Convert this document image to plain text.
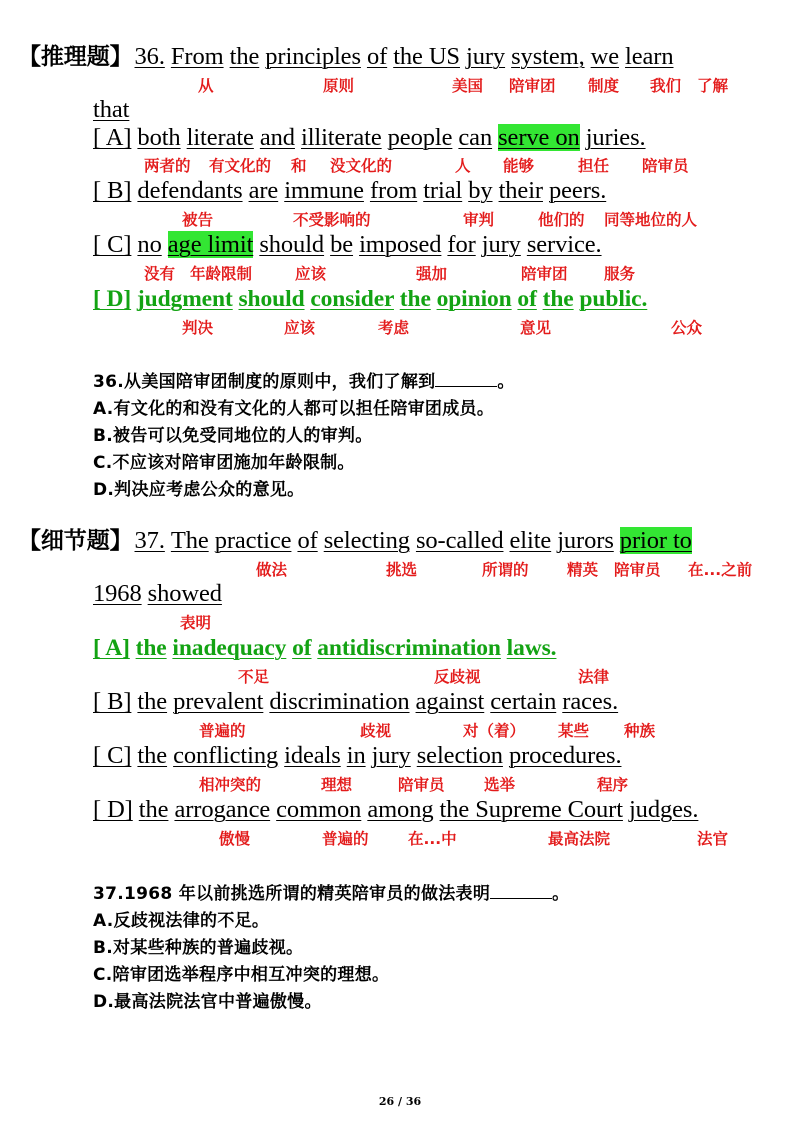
【推理题】36. From the principles of the US jury system, we learn
从	原则	美国 陪审团 制度 我们 了解
that
[ A] both literate and illiterate people can serve on juries.
两者的 有文化的 和 没文化的	人 能够	担任 陪审员
[ B] defendants are immune from trial by their peers.
被告	不受影响的	审判	他们的 同等地位的人
[ C] no age limit should be imposed for jury service.
没有 年龄限制	应该	强加	陪审团 服务
[ D] judgment should consider the opinion of the public.
判决	应该	考虑	意见	公众
36.从美国陪审团制度的原则中，我们了解到	。
A.有文化的和没有文化的人都可以担任陪审团成员。
B.被告可以免受同地位的人的审判。
C.不应该对陪审团施加年龄限制。
D.判决应考虑公众的意见。
【细节题】37. The practice of selecting so-called elite jurors prior to
做法	挑选	所谓的 精英 陪审员 在...之前
1968 showed
表明
[ A] the inadequacy of antidiscrimination laws.
不足	反歧视	法律
[ B] the prevalent discrimination against certain races.
普遍的	歧视	对（着） 某些 种族
[ C] the conflicting ideals in jury selection procedures.
相冲突的	理想	陪审员	选举	程序
[ D] the arrogance common among the Supreme Court judges.
傲慢	普遍的	在...中	最高法院	法官
37.1968 年以前挑选所谓的精英陪审员的做法表明	。
A.反歧视法律的不足。
B.对某些种族的普遍歧视。
C.陪审团选举程序中相互冲突的理想。
D.最高法院法官中普遍傲慢。
26 / 36
